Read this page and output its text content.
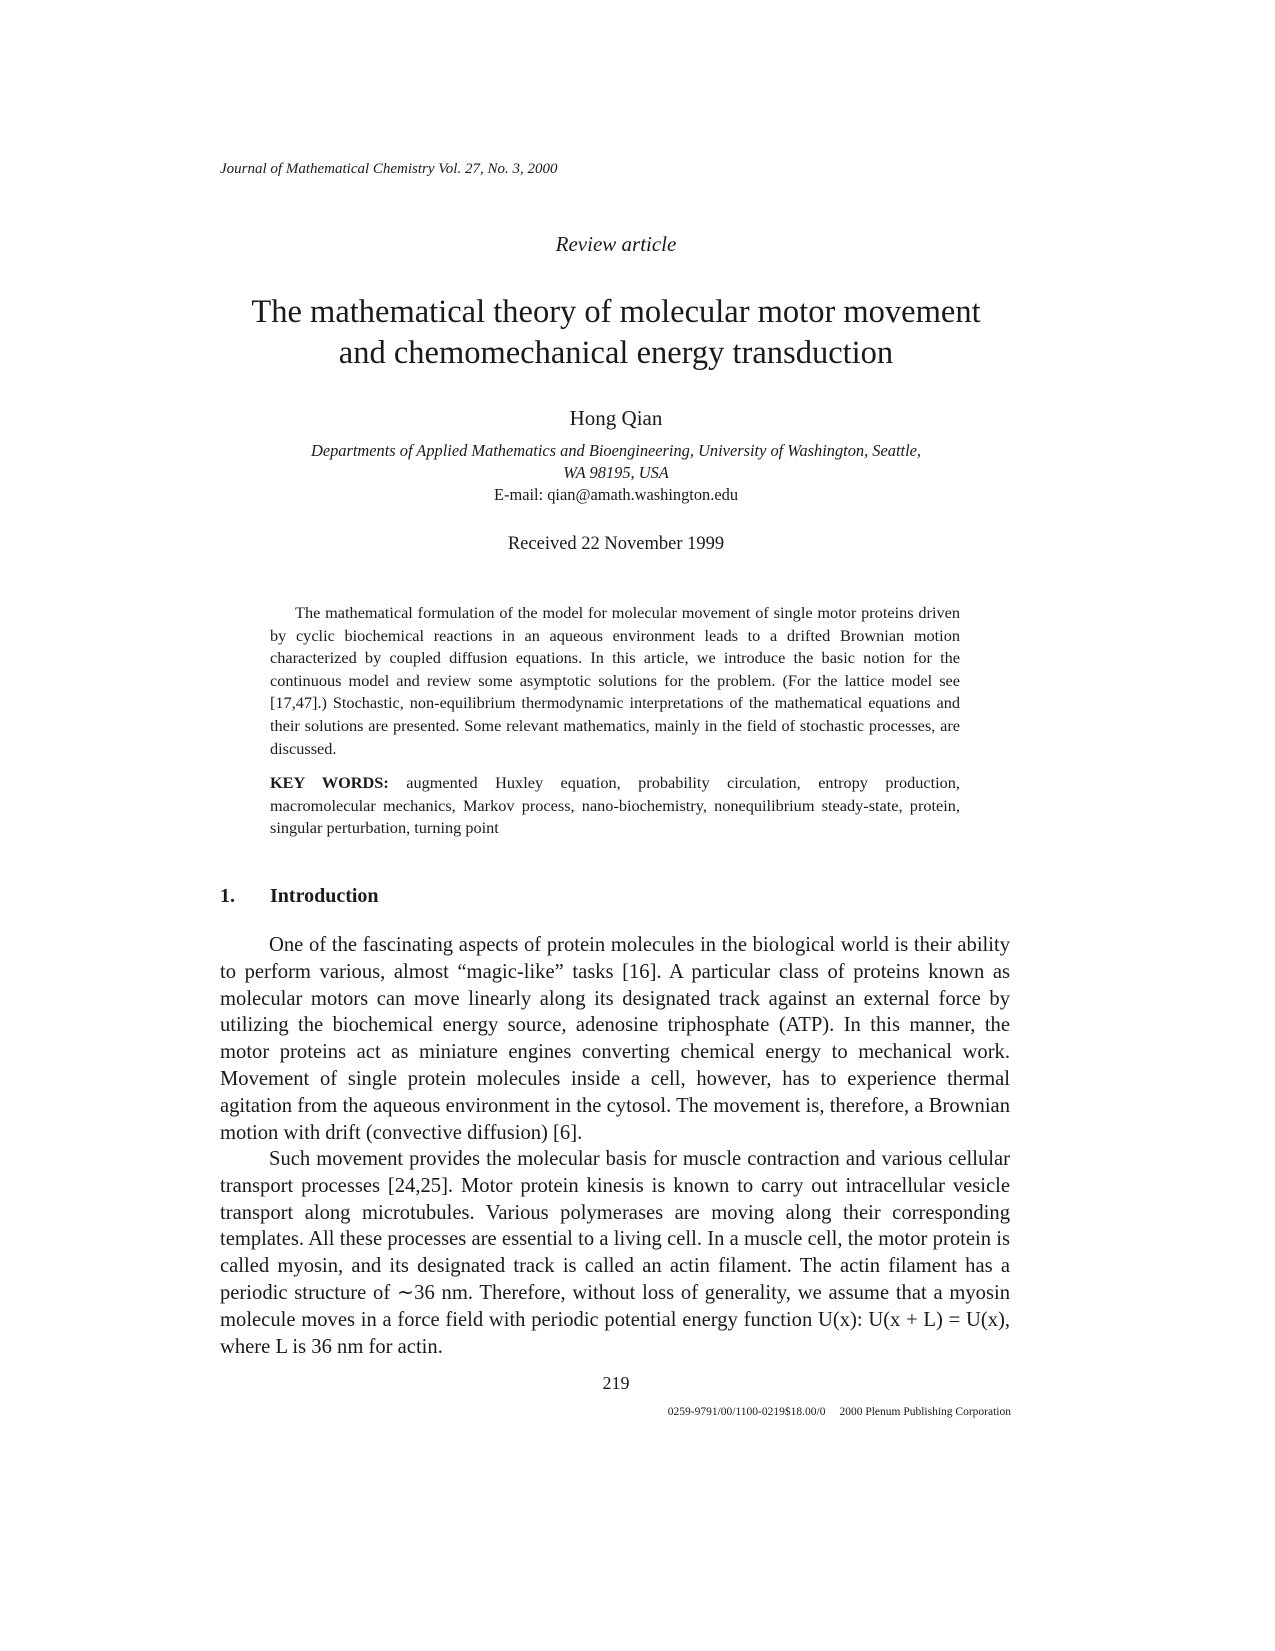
Journal of Mathematical Chemistry Vol. 27, No. 3, 2000
Review article
The mathematical theory of molecular motor movement
and chemomechanical energy transduction
Hong Qian
Departments of Applied Mathematics and Bioengineering, University of Washington, Seattle,
WA 98195, USA
E-mail: qian@amath.washington.edu
Received 22 November 1999

The mathematical formulation of the model for molecular movement of single motor proteins driven by cyclic biochemical reactions in an aqueous environment leads to a drifted Brownian motion characterized by coupled diffusion equations. In this article, we introduce the basic notion for the continuous model and review some asymptotic solutions for the problem. (For the lattice model see [17,47].) Stochastic, non-equilibrium thermodynamic interpretations of the mathematical equations and their solutions are presented. Some relevant mathematics, mainly in the field of stochastic processes, are discussed.

KEY WORDS: augmented Huxley equation, probability circulation, entropy production, macromolecular mechanics, Markov process, nano-biochemistry, nonequilibrium steady-state, protein, singular perturbation, turning point

1. Introduction

One of the fascinating aspects of protein molecules in the biological world is their ability to perform various, almost “magic-like” tasks [16]. A particular class of proteins known as molecular motors can move linearly along its designated track against an external force by utilizing the biochemical energy source, adenosine triphosphate (ATP). In this manner, the motor proteins act as miniature engines converting chemical energy to mechanical work. Movement of single protein molecules inside a cell, however, has to experience thermal agitation from the aqueous environment in the cytosol. The movement is, therefore, a Brownian motion with drift (convective diffusion) [6].

Such movement provides the molecular basis for muscle contraction and various cellular transport processes [24,25]. Motor protein kinesis is known to carry out intracellular vesicle transport along microtubules. Various polymerases are moving along their corresponding templates. All these processes are essential to a living cell. In a muscle cell, the motor protein is called myosin, and its designated track is called an actin filament. The actin filament has a periodic structure of ∼36 nm. Therefore, without loss of generality, we assume that a myosin molecule moves in a force field with periodic potential energy function U(x): U(x + L) = U(x), where L is 36 nm for actin.

219
0259-9791/00/1100-0219$18.00/0 2000 Plenum Publishing Corporation
